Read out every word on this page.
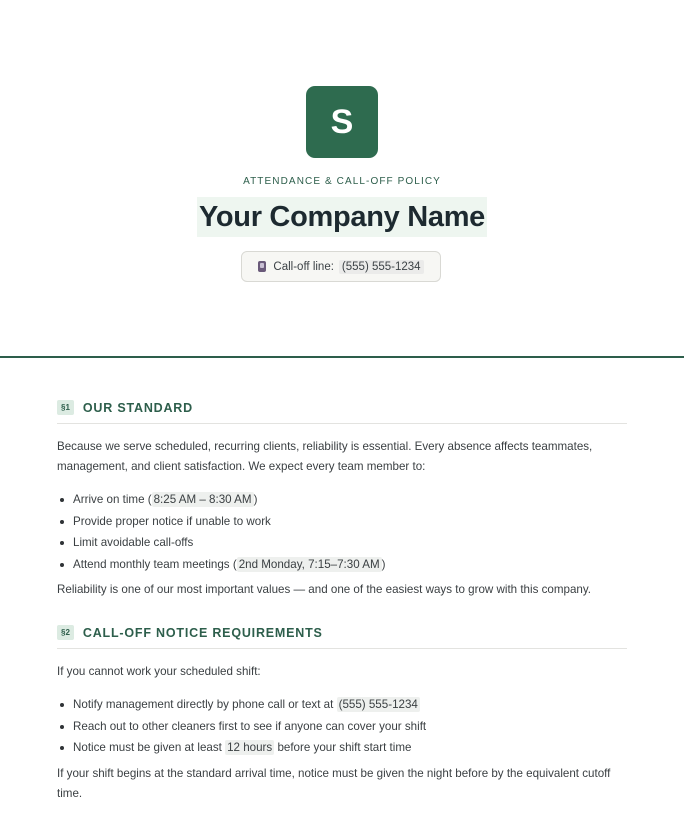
S
ATTENDANCE & CALL-OFF POLICY
Your Company Name
Call-off line: (555) 555-1234
§1	OUR STANDARD

Because we serve scheduled, recurring clients, reliability is essential. Every absence affects teammates, management, and client satisfaction. We expect every team member to:

Arrive on time ( 8:25 AM – 8:30 AM )
Provide proper notice if unable to work
Limit avoidable call-offs
Attend monthly team meetings ( 2nd Monday, 7:15–7:30 AM )

Reliability is one of our most important values — and one of the easiest ways to grow with this company.

§2	CALL-OFF NOTICE REQUIREMENTS

If you cannot work your scheduled shift:

Notify management directly by phone call or text at (555) 555-1234
Reach out to other cleaners first to see if anyone can cover your shift
Notice must be given at least 12 hours before your shift start time

If your shift begins at the standard arrival time, notice must be given the night before by the equivalent cutoff time.
